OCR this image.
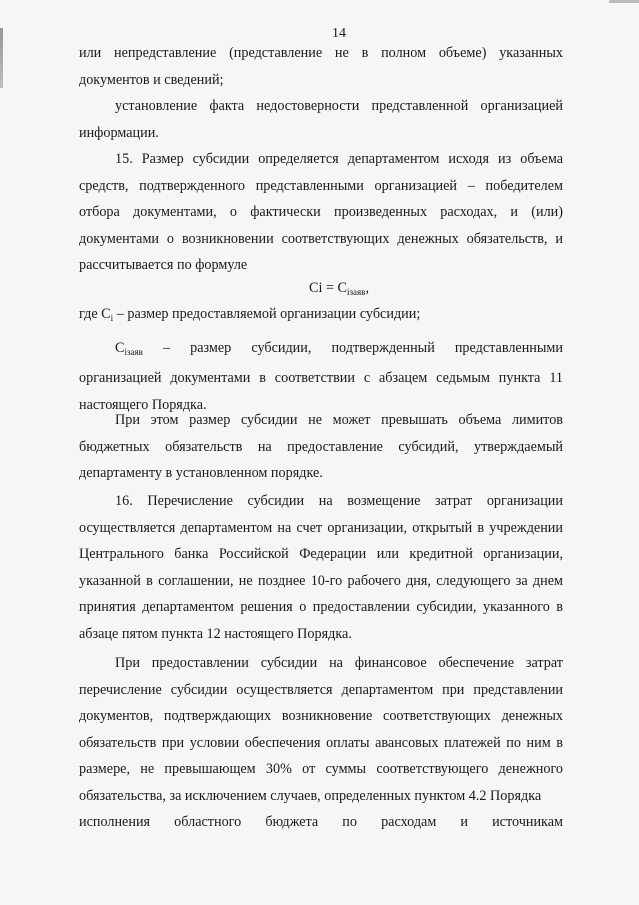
14

или непредставление (представление не в полном объеме) указанных

документов и сведений;

установление факта недостоверности представленной организацией информации.

15. Размер субсидии определяется департаментом исходя из объема средств, подтвержденного представленными организацией – победителем отбора документами, о фактически произведенных расходах, и (или) документами о возникновении соответствующих денежных обязательств, и рассчитывается по формуле

$Ci = C_{iзаяв}$,

где $C_i$ – размер предоставляемой организации субсидии;

$C_{iзаяв}$ – размер субсидии, подтвержденный представленными организацией документами в соответствии с абзацем седьмым пункта 11 настоящего Порядка.

При этом размер субсидии не может превышать объема лимитов бюджетных обязательств на предоставление субсидий, утверждаемый департаменту в установленном порядке.

16. Перечисление субсидии на возмещение затрат организации осуществляется департаментом на счет организации, открытый в учреждении Центрального банка Российской Федерации или кредитной организации, указанной в соглашении, не позднее 10-го рабочего дня, следующего за днем принятия департаментом решения о предоставлении субсидии, указанного в абзаце пятом пункта 12 настоящего Порядка.

При предоставлении субсидии на финансовое обеспечение затрат перечисление субсидии осуществляется департаментом при представлении документов, подтверждающих возникновение соответствующих денежных обязательств при условии обеспечения оплаты авансовых платежей по ним в размере, не превышающем 30% от суммы соответствующего денежного обязательства, за исключением случаев, определенных пунктом 4.2 Порядка

исполнения областного бюджета по расходам и источникам
